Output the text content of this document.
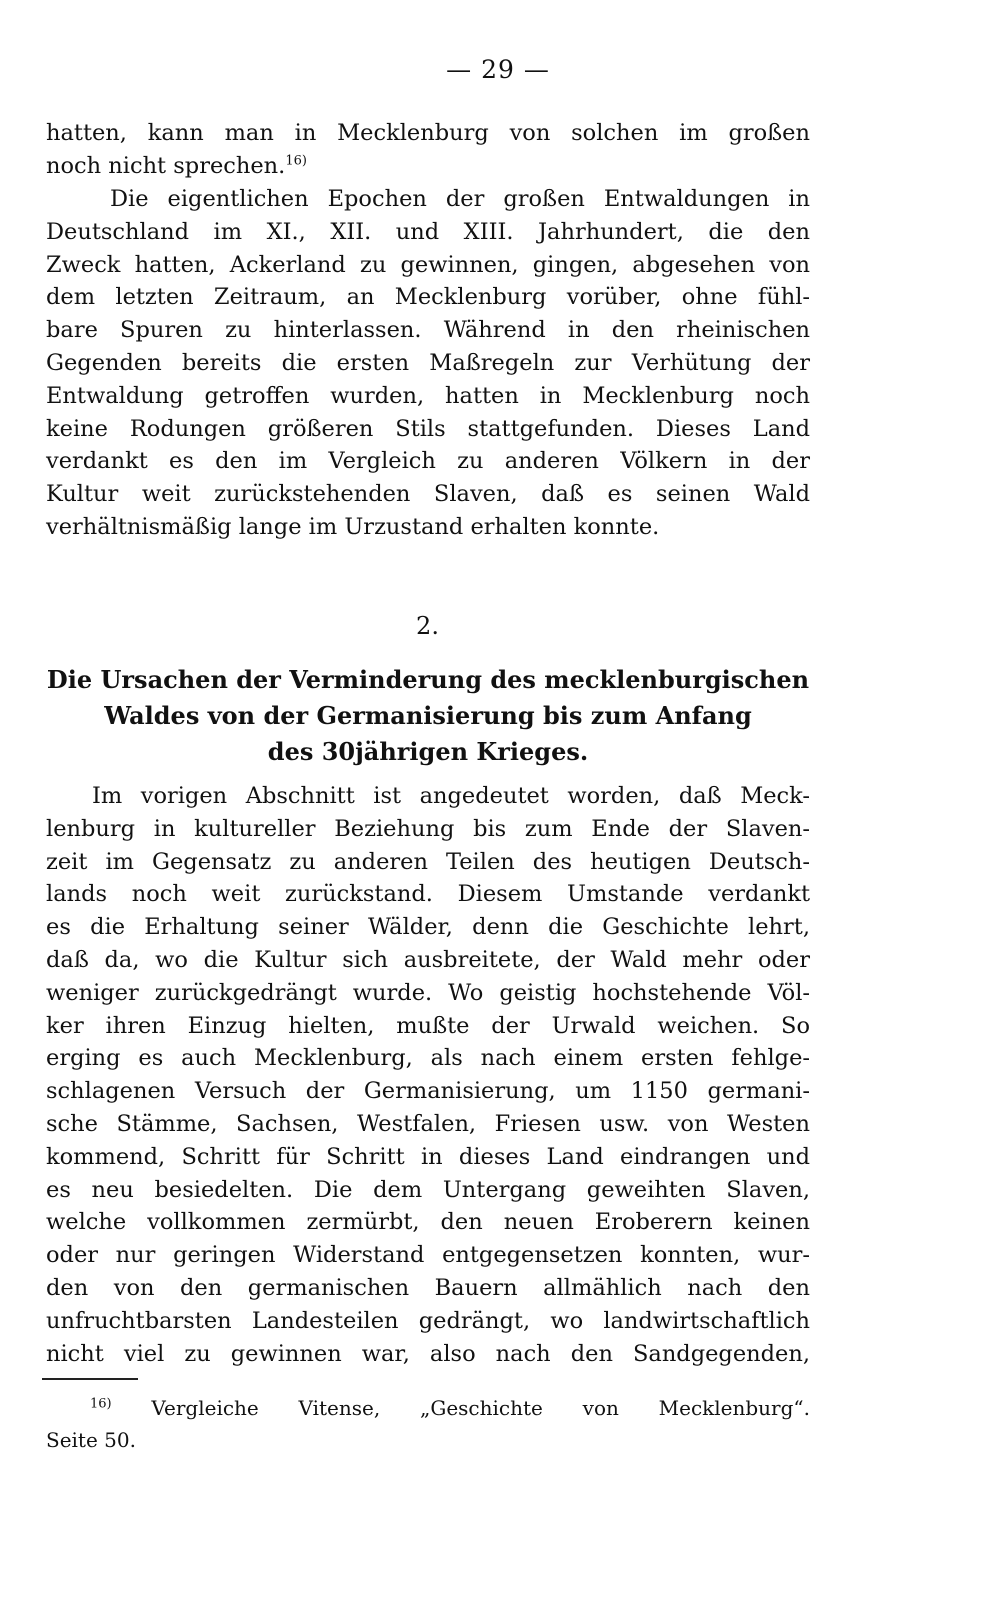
— 29 —
hatten, kann man in Mecklenburg von solchen im großen
noch nicht sprechen.$^{16)}$
Die eigentlichen Epochen der großen Entwaldungen in
Deutschland im XI., XII. und XIII. Jahrhundert, die den
Zweck hatten, Ackerland zu gewinnen, gingen, abgesehen von
dem letzten Zeitraum, an Mecklenburg vorüber, ohne fühl-
bare Spuren zu hinterlassen. Während in den rheinischen
Gegenden bereits die ersten Maßregeln zur Verhütung der
Entwaldung getroffen wurden, hatten in Mecklenburg noch
keine Rodungen größeren Stils stattgefunden. Dieses Land
verdankt es den im Vergleich zu anderen Völkern in der
Kultur weit zurückstehenden Slaven, daß es seinen Wald
verhältnismäßig lange im Urzustand erhalten konnte.
2.
Die Ursachen der Verminderung des mecklenburgischen
Waldes von der Germanisierung bis zum Anfang
des 30jährigen Krieges.
Im vorigen Abschnitt ist angedeutet worden, daß Meck-
lenburg in kultureller Beziehung bis zum Ende der Slaven-
zeit im Gegensatz zu anderen Teilen des heutigen Deutsch-
lands noch weit zurückstand. Diesem Umstande verdankt
es die Erhaltung seiner Wälder, denn die Geschichte lehrt,
daß da, wo die Kultur sich ausbreitete, der Wald mehr oder
weniger zurückgedrängt wurde. Wo geistig hochstehende Völ-
ker ihren Einzug hielten, mußte der Urwald weichen. So
erging es auch Mecklenburg, als nach einem ersten fehlge-
schlagenen Versuch der Germanisierung, um 1150 germani-
sche Stämme, Sachsen, Westfalen, Friesen usw. von Westen
kommend, Schritt für Schritt in dieses Land eindrangen und
es neu besiedelten. Die dem Untergang geweihten Slaven,
welche vollkommen zermürbt, den neuen Eroberern keinen
oder nur geringen Widerstand entgegensetzen konnten, wur-
den von den germanischen Bauern allmählich nach den
unfruchtbarsten Landesteilen gedrängt, wo landwirtschaftlich
nicht viel zu gewinnen war, also nach den Sandgegenden,
$^{16)}$ Vergleiche Vitense, „Geschichte von Mecklenburg“.
Seite 50.
